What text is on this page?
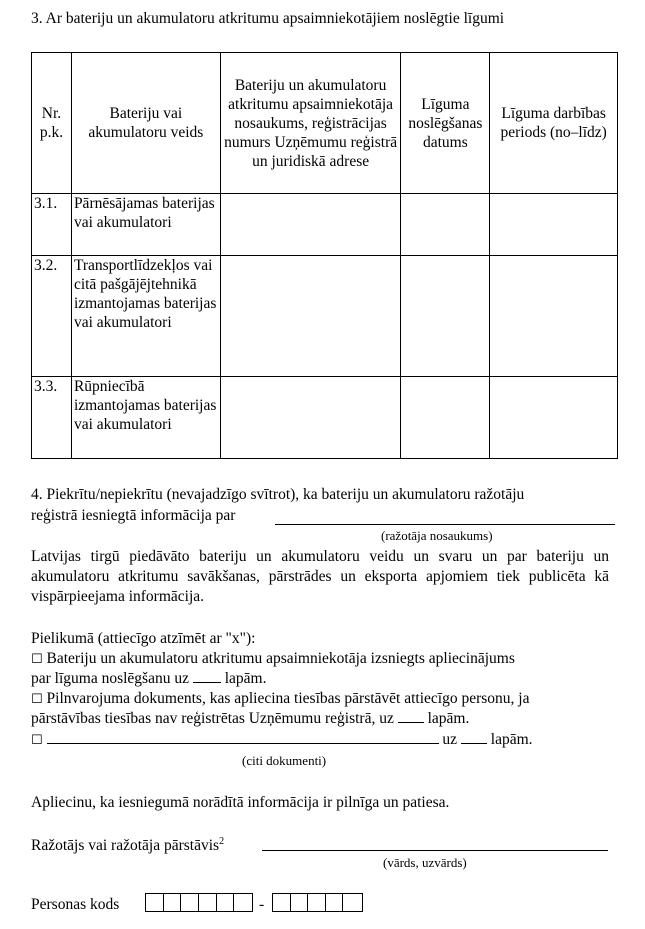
3. Ar bateriju un akumulatoru atkritumu apsaimniekotājiem noslēgtie līgumi
Nr. p.k.	Bateriju vai akumulatoru veids	Bateriju un akumulatoru atkritumu apsaimniekotāja nosaukums, reģistrācijas numurs Uzņēmumu reģistrā un juridiskā adrese	Līguma noslēgšanas datums	Līguma darbības periods (no–līdz)
3.1.	Pārnēsājamas baterijas vai akumulatori			
3.2.	Transportlīdzekļos vai citā pašgājējtehnikā izmantojamas baterijas vai akumulatori			
3.3.	Rūpniecībā izmantojamas baterijas vai akumulatori			
4. Piekrītu/nepiekrītu (nevajadzīgo svītrot), ka bateriju un akumulatoru ražotāju
reģistrā iesniegtā informācija par
(ražotāja nosaukums)
Latvijas tirgū piedāvāto bateriju un akumulatoru veidu un svaru un par bateriju un akumulatoru atkritumu savākšanas, pārstrādes un eksporta apjomiem tiek publicēta kā vispārpieejama informācija.
Pielikumā (attiecīgo atzīmēt ar "x"):
☐ Bateriju un akumulatoru atkritumu apsaimniekotāja izsniegts apliecinājums
par līguma noslēgšanu uz lapām.
☐ Pilnvarojuma dokuments, kas apliecina tiesības pārstāvēt attiecīgo personu, ja
pārstāvības tiesības nav reģistrētas Uzņēmumu reģistrā, uz lapām.
☐	uz lapām.
(citi dokumenti)
Apliecinu, ka iesniegumā norādītā informācija ir pilnīga un patiesa.
Ražotājs vai ražotāja pārstāvis$^2$
(vārds, uzvārds)
Personas kods	-
